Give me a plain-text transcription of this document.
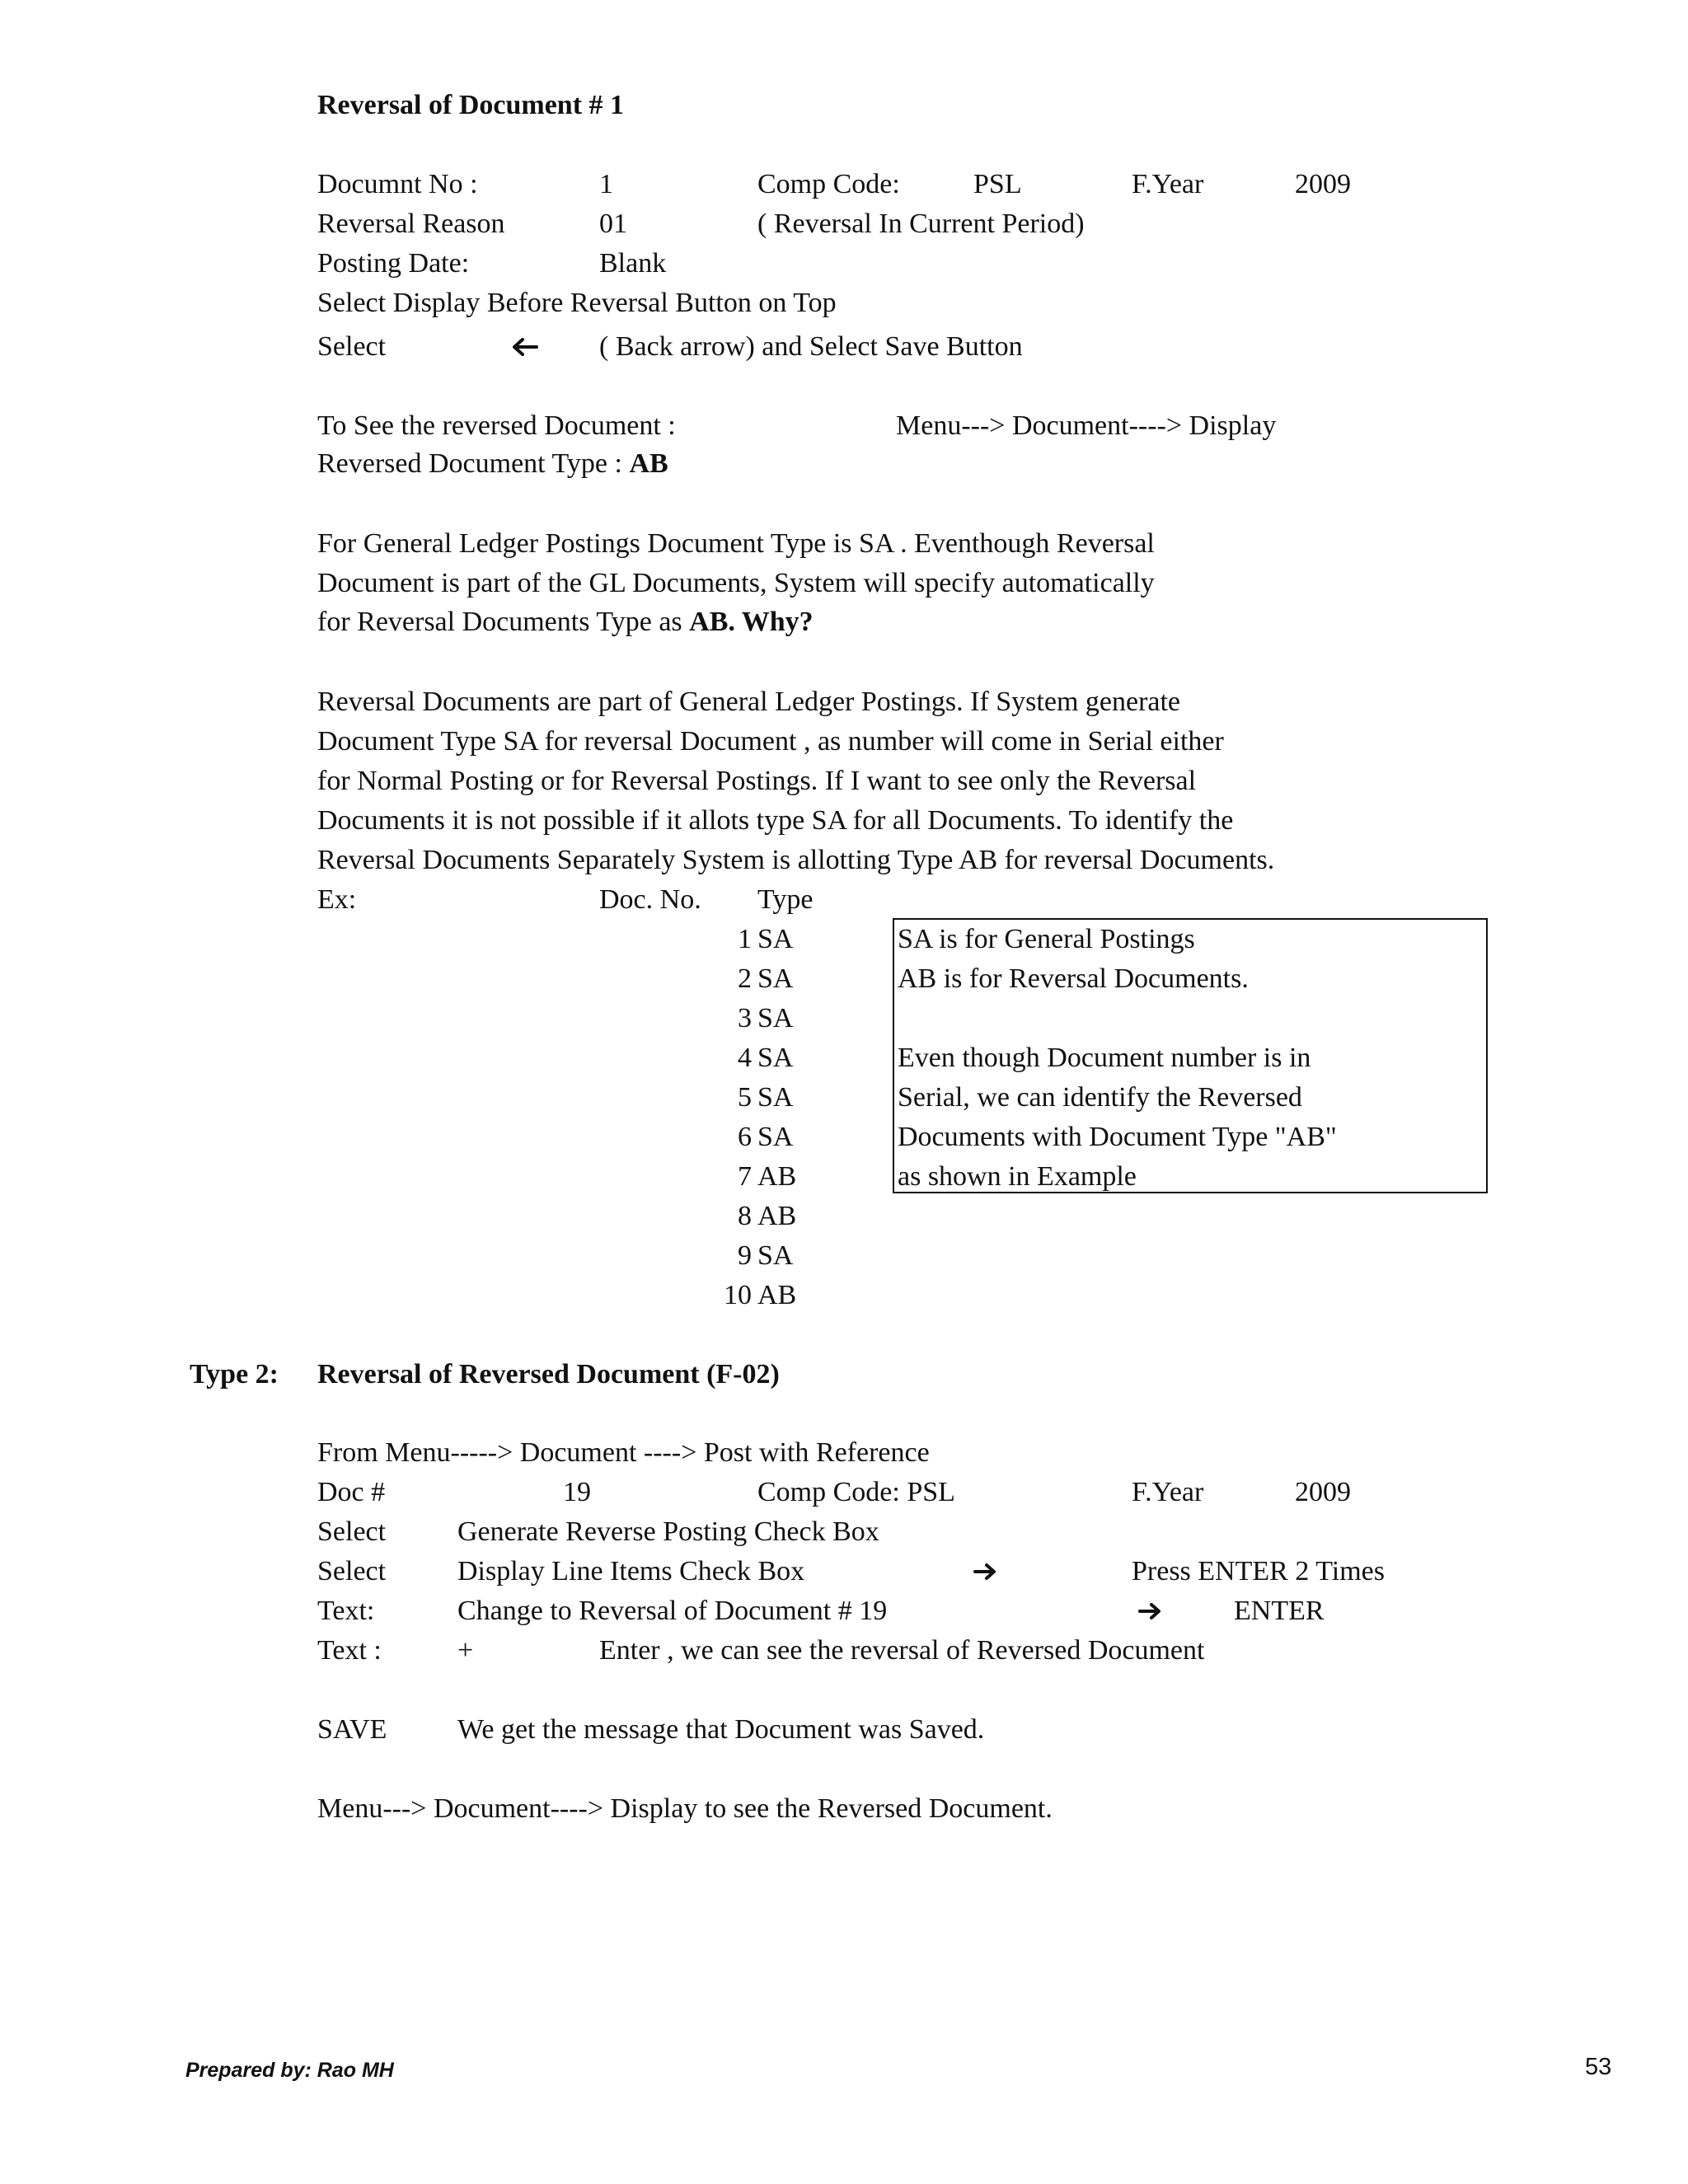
Reversal of Document # 1
Documnt No :	1	Comp Code:	PSL	F.Year	2009
Reversal Reason	01	( Reversal In Current Period)
Posting Date:	Blank
Select Display Before Reversal Button on Top
Select	( Back arrow) and Select Save Button
To See the reversed Document :	Menu---> Document----> Display
Reversed Document Type : AB
For General Ledger Postings Document Type is SA . Eventhough Reversal
Document is part of the GL Documents, System will specify automatically
for Reversal Documents Type as AB. Why?
Reversal Documents are part of General Ledger Postings. If System generate
Document Type SA for reversal Document , as number will come in Serial either
for Normal Posting or for Reversal Postings. If I want to see only the Reversal
Documents it is not possible if it allots type SA for all Documents. To identify the
Reversal Documents Separately System is allotting Type AB for reversal Documents.
Ex:	Doc. No. Type
1 SA
2 SA
3 SA
4 SA
5 SA
6 SA
7 AB
8 AB
9 SA
10 AB
SA is for General Postings
AB is for Reversal Documents.
Even though Document number is in
Serial, we can identify the Reversed
Documents with Document Type "AB"
as shown in Example
Type 2: Reversal of Reversed Document (F-02)
From Menu-----> Document ----> Post with Reference
Doc #	19	Comp Code: PSL	F.Year	2009
Select	Generate Reverse Posting Check Box
Select	Display Line Items Check Box	Press ENTER 2 Times
Text:	Change to Reversal of Document # 19	ENTER
Text :	+	Enter , we can see the reversal of Reversed Document
SAVE	We get the message that Document was Saved.
Menu---> Document----> Display to see the Reversed Document.
Prepared by: Rao MH	53
